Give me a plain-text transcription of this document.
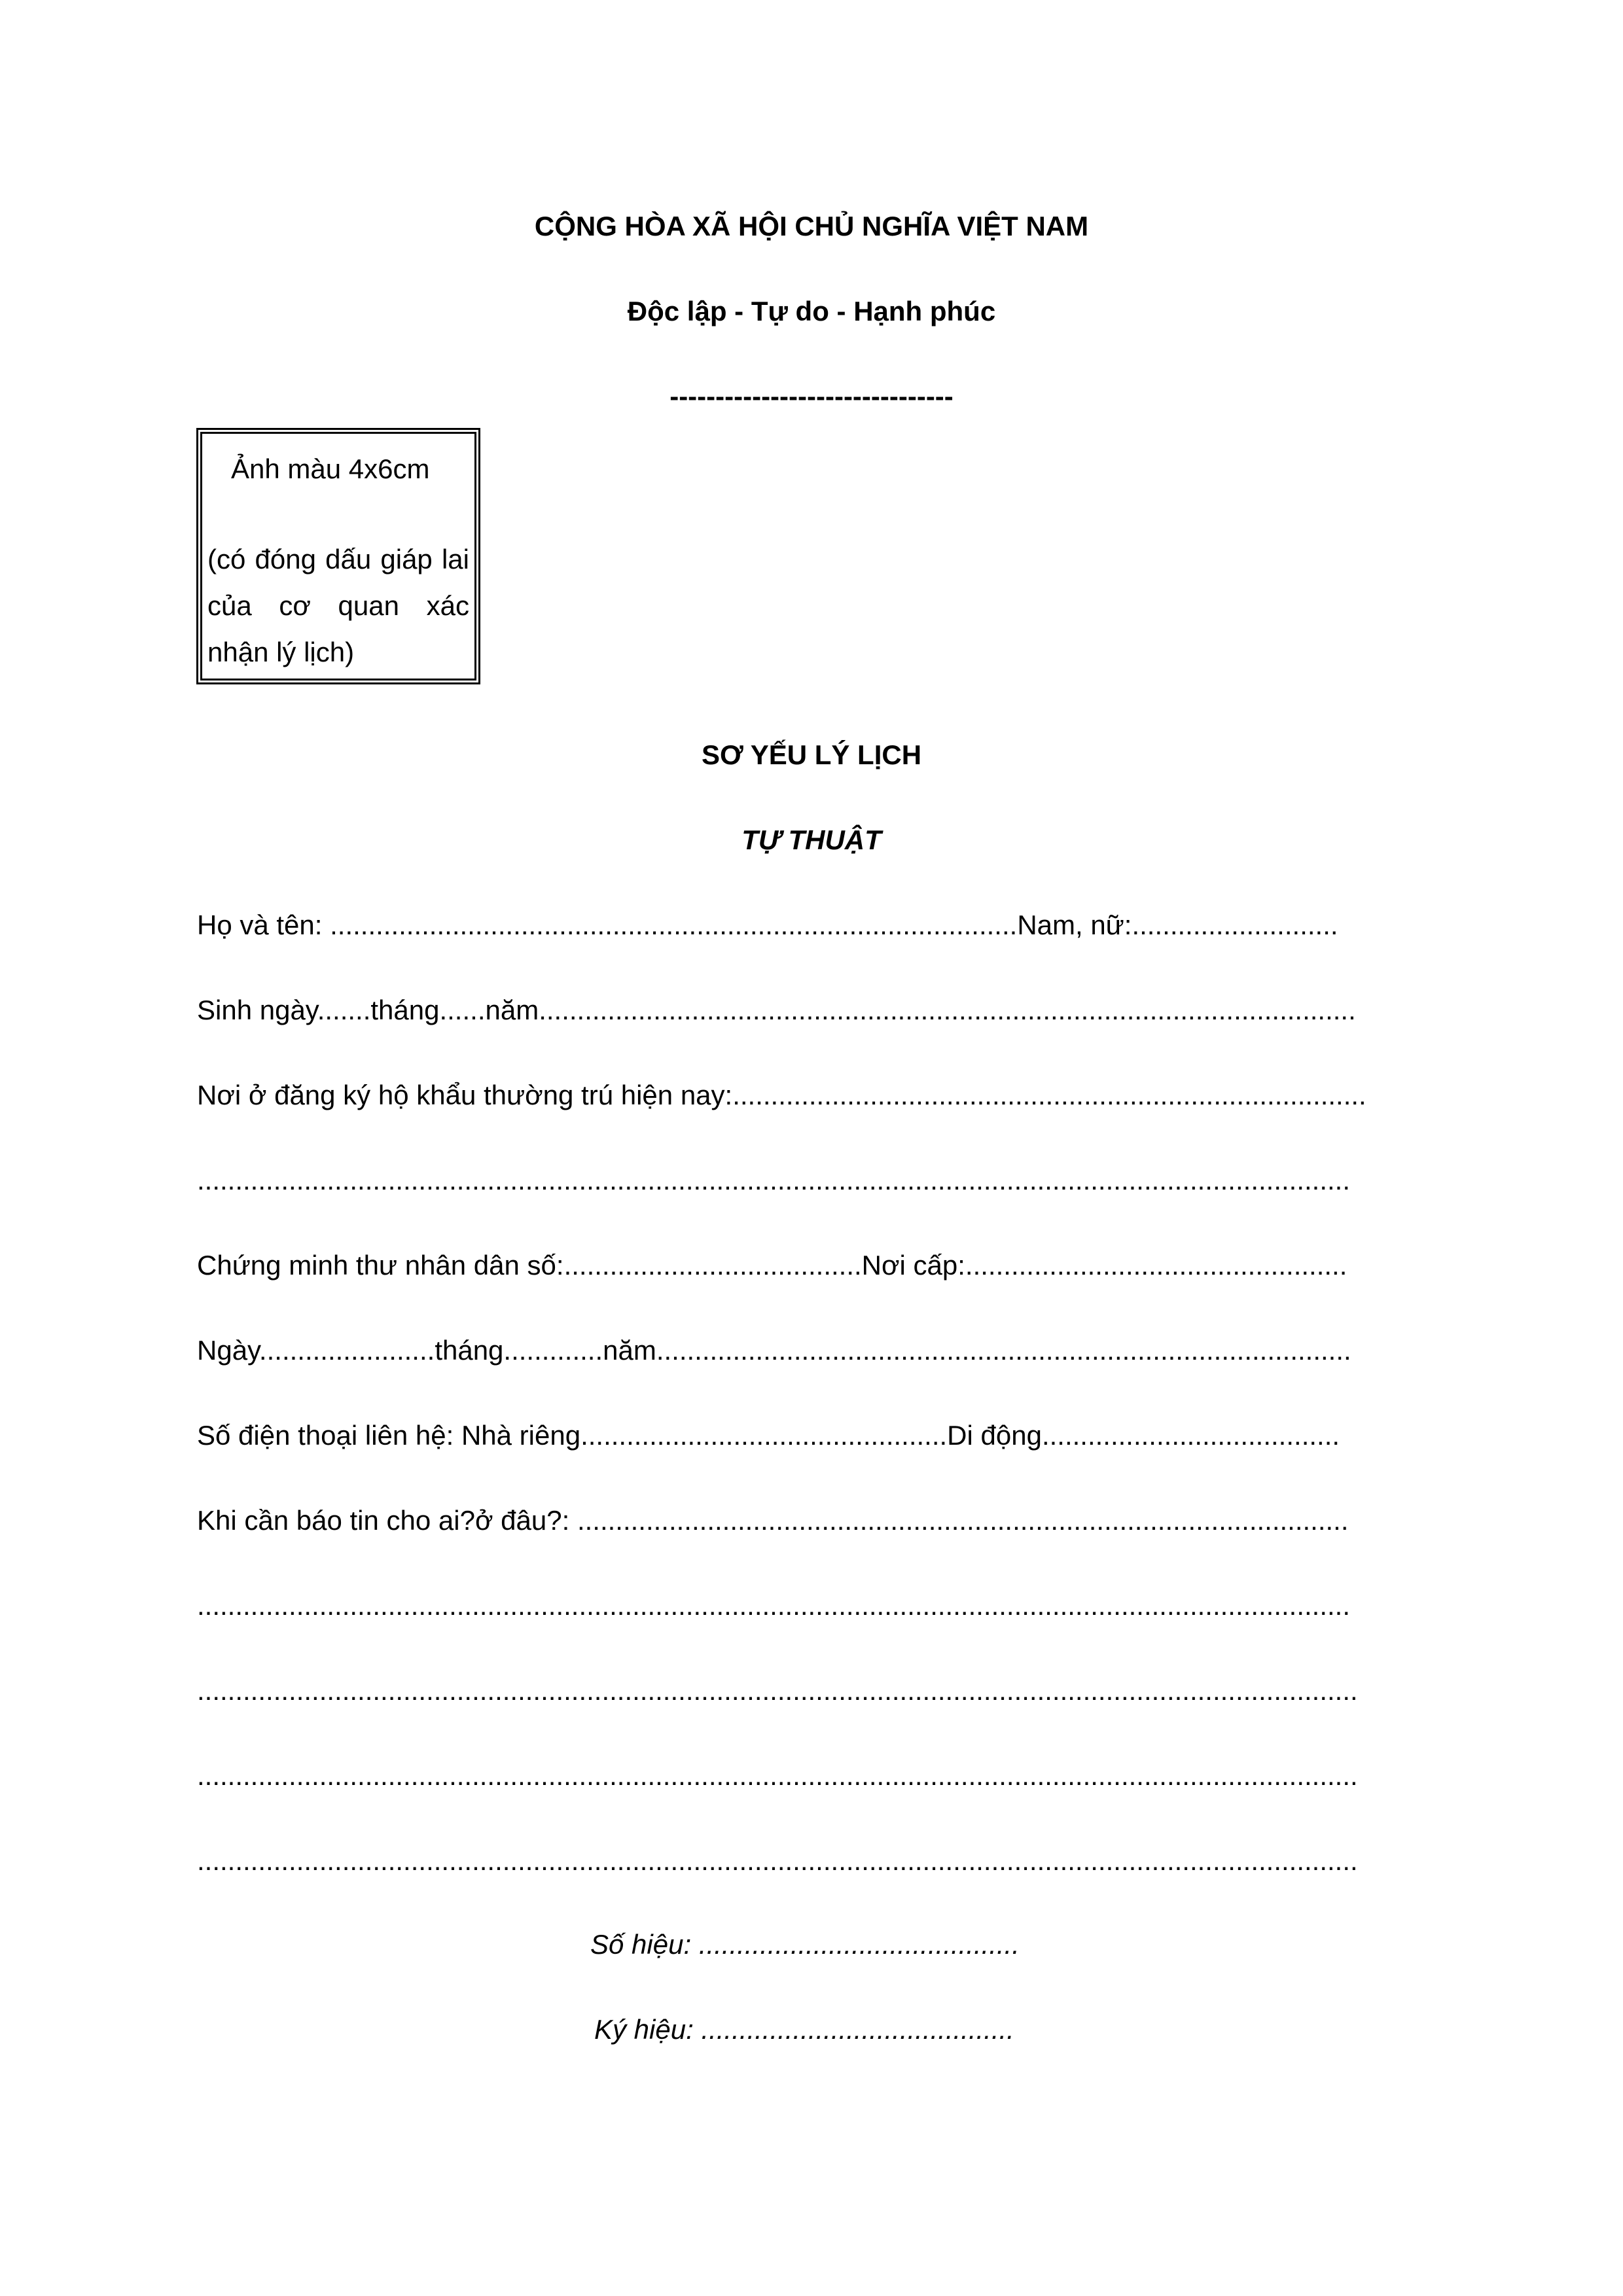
CỘNG HÒA XÃ HỘI CHỦ NGHĨA VIỆT NAM
Độc lập - Tự do - Hạnh phúc
-------------------------------
Ảnh màu 4x6cm
(có đóng dấu giáp lai của cơ quan xác nhận lý lịch)
SƠ YẾU LÝ LỊCH
TỰ THUẬT
Họ và tên: ..........................................................................................Nam, nữ:...........................
Sinh ngày.......tháng......năm...........................................................................................................
Nơi ở đăng ký hộ khẩu thường trú hiện nay:...................................................................................
.......................................................................................................................................................
Chứng minh thư nhân dân số:.......................................Nơi cấp:..................................................
Ngày.......................tháng.............năm...........................................................................................
Số điện thoại liên hệ: Nhà riêng................................................Di động.......................................
Khi cần báo tin cho ai?ở đâu?: .....................................................................................................
.......................................................................................................................................................
........................................................................................................................................................
........................................................................................................................................................
........................................................................................................................................................
Số hiệu: ..........................................
Ký hiệu: .........................................
